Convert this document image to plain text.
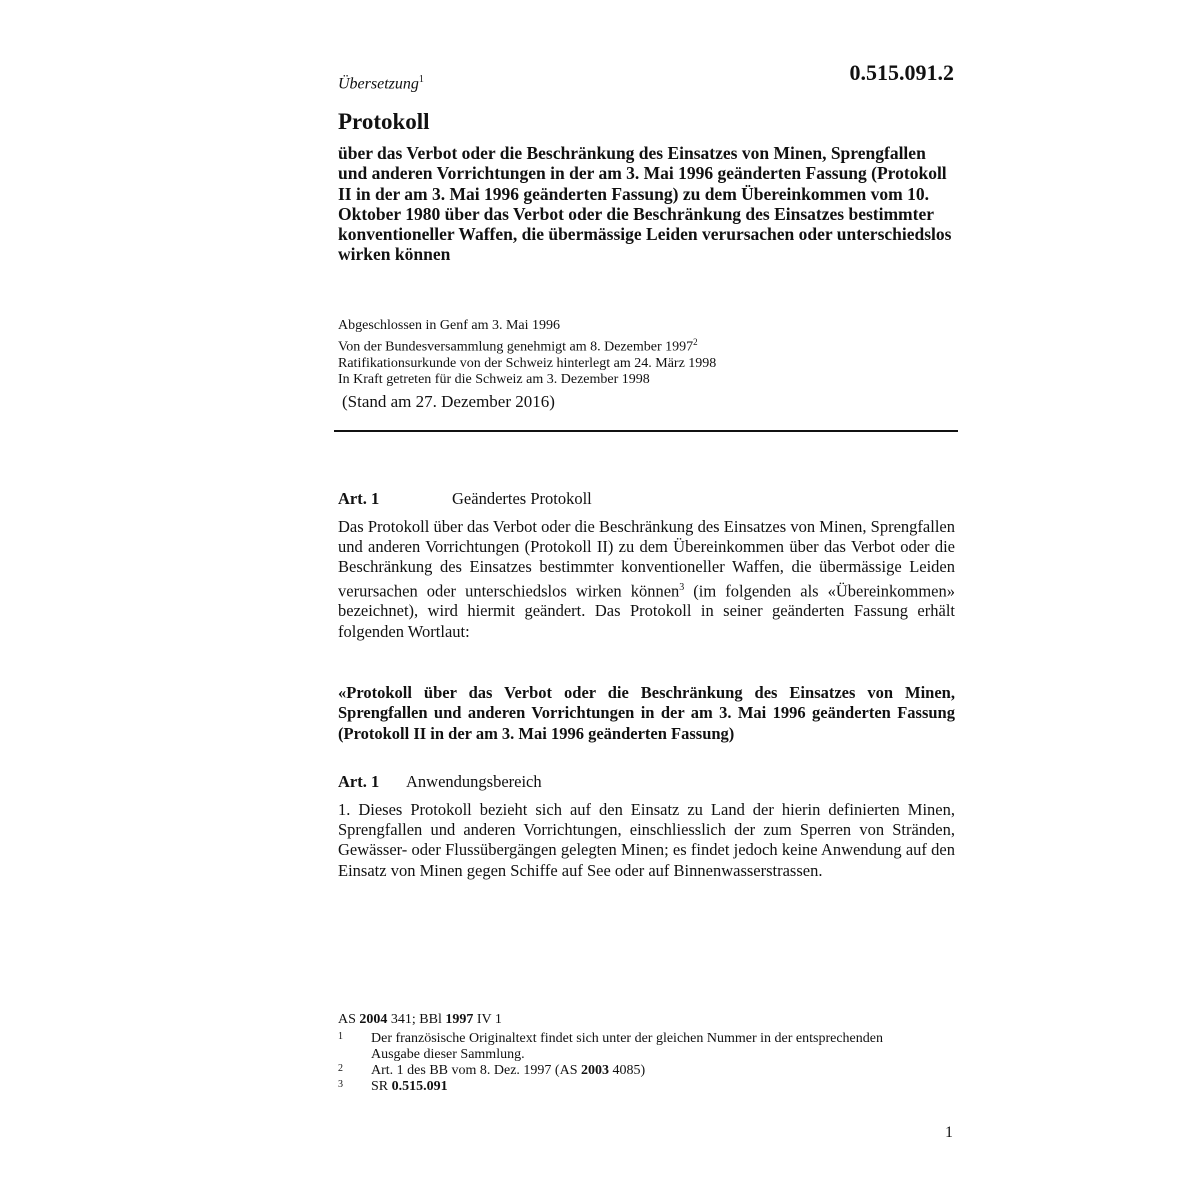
Übersetzung$^1$	0.515.091.2
Protokoll
über das Verbot oder die Beschränkung des Einsatzes von Minen, Sprengfallen und anderen Vorrichtungen in der am 3. Mai 1996 geänderten Fassung (Protokoll II in der am 3. Mai 1996 geänderten Fassung) zu dem Übereinkommen vom 10. Oktober 1980 über das Verbot oder die Beschränkung des Einsatzes bestimmter konventioneller Waffen, die übermässige Leiden verursachen oder unterschiedslos wirken können
Abgeschlossen in Genf am 3. Mai 1996
Von der Bundesversammlung genehmigt am 8. Dezember 1997$^2$
Ratifikationsurkunde von der Schweiz hinterlegt am 24. März 1998
In Kraft getreten für die Schweiz am 3. Dezember 1998
(Stand am 27. Dezember 2016)
Art. 1	Geändertes Protokoll
Das Protokoll über das Verbot oder die Beschränkung des Einsatzes von Minen, Sprengfallen und anderen Vorrichtungen (Protokoll II) zu dem Übereinkommen über das Verbot oder die Beschränkung des Einsatzes bestimmter konventioneller Waffen, die übermässige Leiden verursachen oder unterschiedslos wirken können$^3$ (im folgenden als «Übereinkommen» bezeichnet), wird hiermit geändert. Das Protokoll in seiner geänderten Fassung erhält folgenden Wortlaut:
«Protokoll über das Verbot oder die Beschränkung des Einsatzes von Minen, Sprengfallen und anderen Vorrichtungen in der am 3. Mai 1996 geänderten Fassung (Protokoll II in der am 3. Mai 1996 geänderten Fassung)
Art. 1 Anwendungsbereich
1. Dieses Protokoll bezieht sich auf den Einsatz zu Land der hierin definierten Minen, Sprengfallen und anderen Vorrichtungen, einschliesslich der zum Sperren von Stränden, Gewässer- oder Flussübergängen gelegten Minen; es findet jedoch keine Anwendung auf den Einsatz von Minen gegen Schiffe auf See oder auf Binnenwasserstrassen.
AS 2004 341; BBl 1997 IV 1
1 Der französische Originaltext findet sich unter der gleichen Nummer in der entsprechenden Ausgabe dieser Sammlung.
2 Art. 1 des BB vom 8. Dez. 1997 (AS 2003 4085)
3 SR 0.515.091
1
